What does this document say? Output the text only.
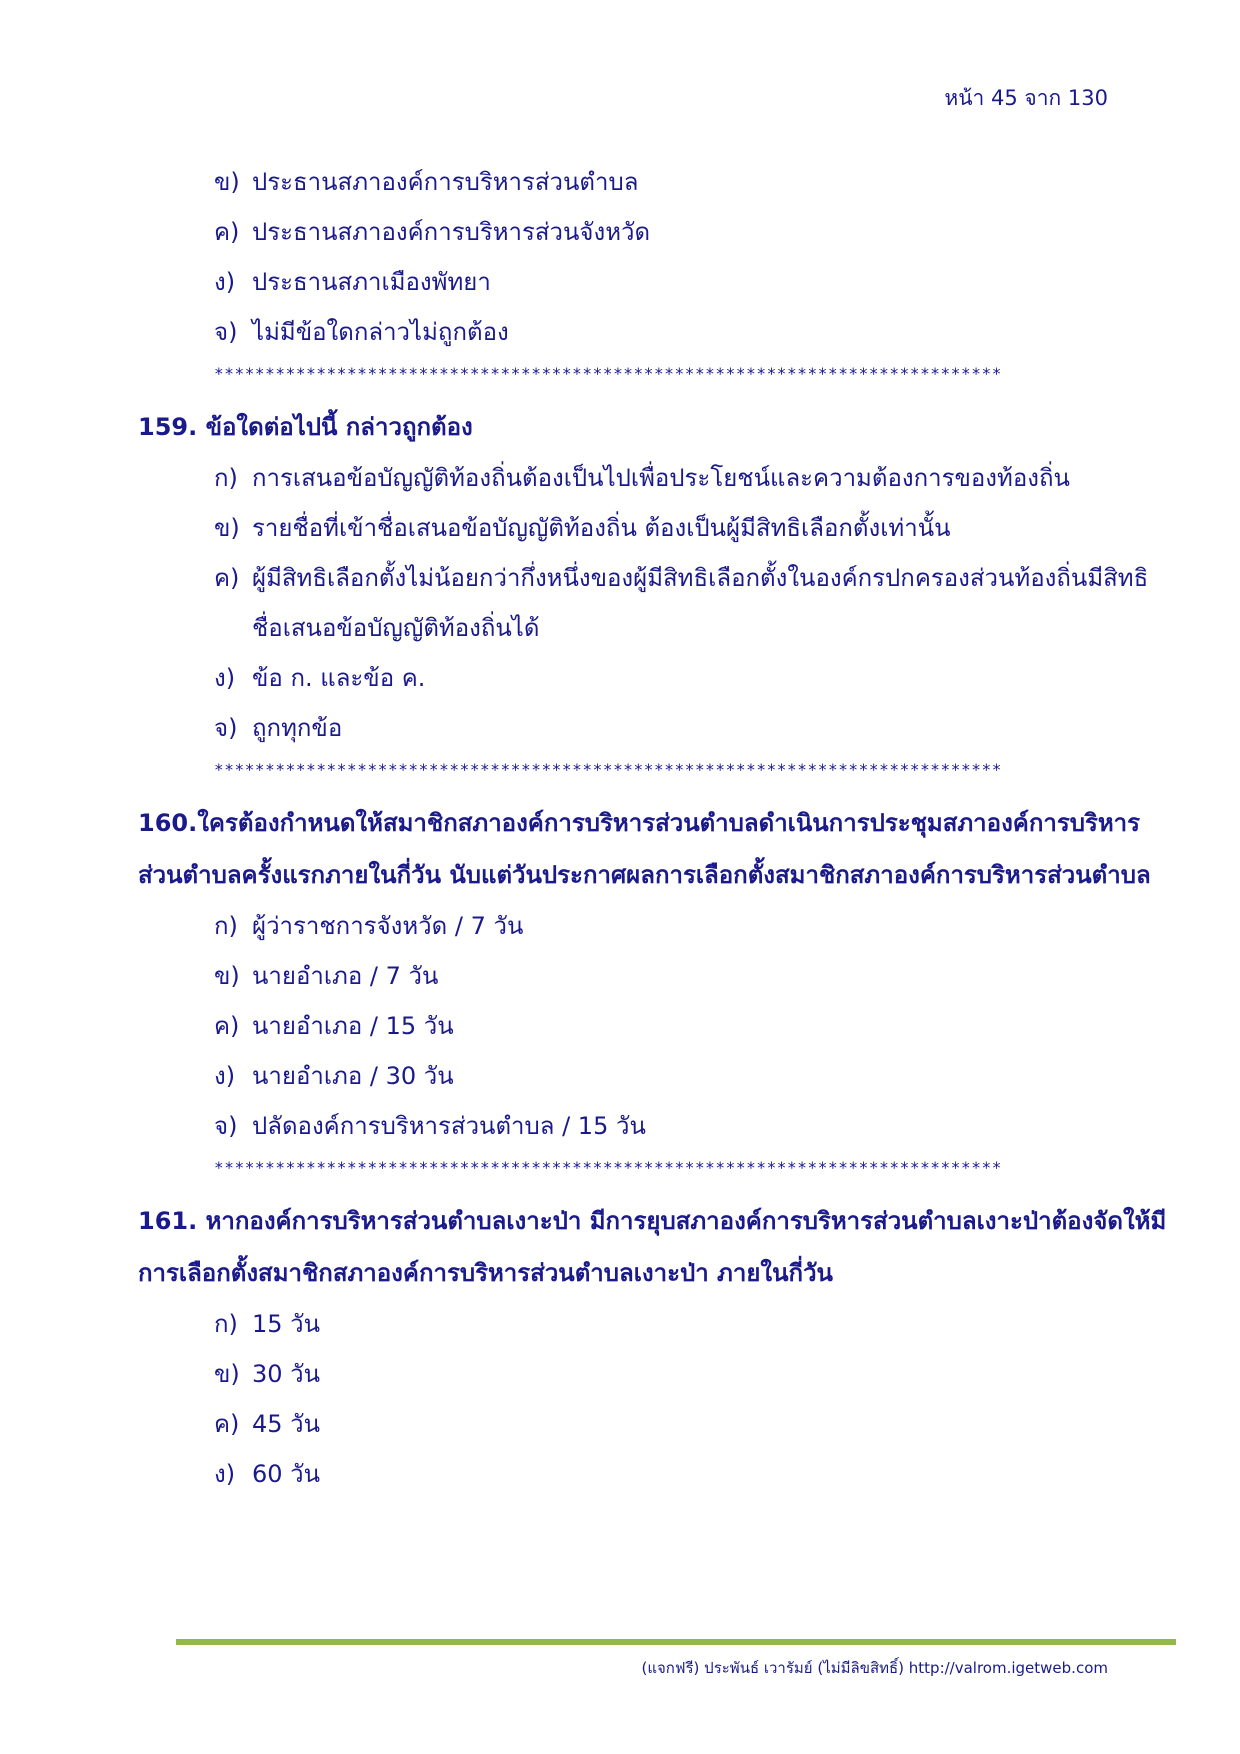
หน้า 45 จาก 130
ข) ประธานสภาองค์การบริหารส่วนตำบล
ค) ประธานสภาองค์การบริหารส่วนจังหวัด
ง) ประธานสภาเมืองพัทยา
จ) ไม่มีข้อใดกล่าวไม่ถูกต้อง
*****************************************************************************
159. ข้อใดต่อไปนี้ กล่าวถูกต้อง
ก) การเสนอข้อบัญญัติท้องถิ่นต้องเป็นไปเพื่อประโยชน์และความต้องการของท้องถิ่น
ข) รายชื่อที่เข้าชื่อเสนอข้อบัญญัติท้องถิ่น ต้องเป็นผู้มีสิทธิเลือกตั้งเท่านั้น
ค) ผู้มีสิทธิเลือกตั้งไม่น้อยกว่ากึ่งหนึ่งของผู้มีสิทธิเลือกตั้งในองค์กรปกครองส่วนท้องถิ่นมีสิทธิชื่อเสนอข้อบัญญัติท้องถิ่นได้
ง) ข้อ ก. และข้อ ค.
จ) ถูกทุกข้อ
*****************************************************************************
160.ใครต้องกำหนดให้สมาชิกสภาองค์การบริหารส่วนตำบลดำเนินการประชุมสภาองค์การบริหารส่วนตำบลครั้งแรกภายในกี่วัน นับแต่วันประกาศผลการเลือกตั้งสมาชิกสภาองค์การบริหารส่วนตำบล
ก) ผู้ว่าราชการจังหวัด / 7 วัน
ข) นายอำเภอ / 7 วัน
ค) นายอำเภอ / 15 วัน
ง) นายอำเภอ / 30 วัน
จ) ปลัดองค์การบริหารส่วนตำบล / 15 วัน
*****************************************************************************
161. หากองค์การบริหารส่วนตำบลเงาะป่า มีการยุบสภาองค์การบริหารส่วนตำบลเงาะป่าต้องจัดให้มีการเลือกตั้งสมาชิกสภาองค์การบริหารส่วนตำบลเงาะป่า ภายในกี่วัน
ก) 15 วัน
ข) 30 วัน
ค) 45 วัน
ง) 60 วัน
(แจกฟรี) ประพันธ์ เวารัมย์ (ไม่มีลิขสิทธิ์) http://valrom.igetweb.com
